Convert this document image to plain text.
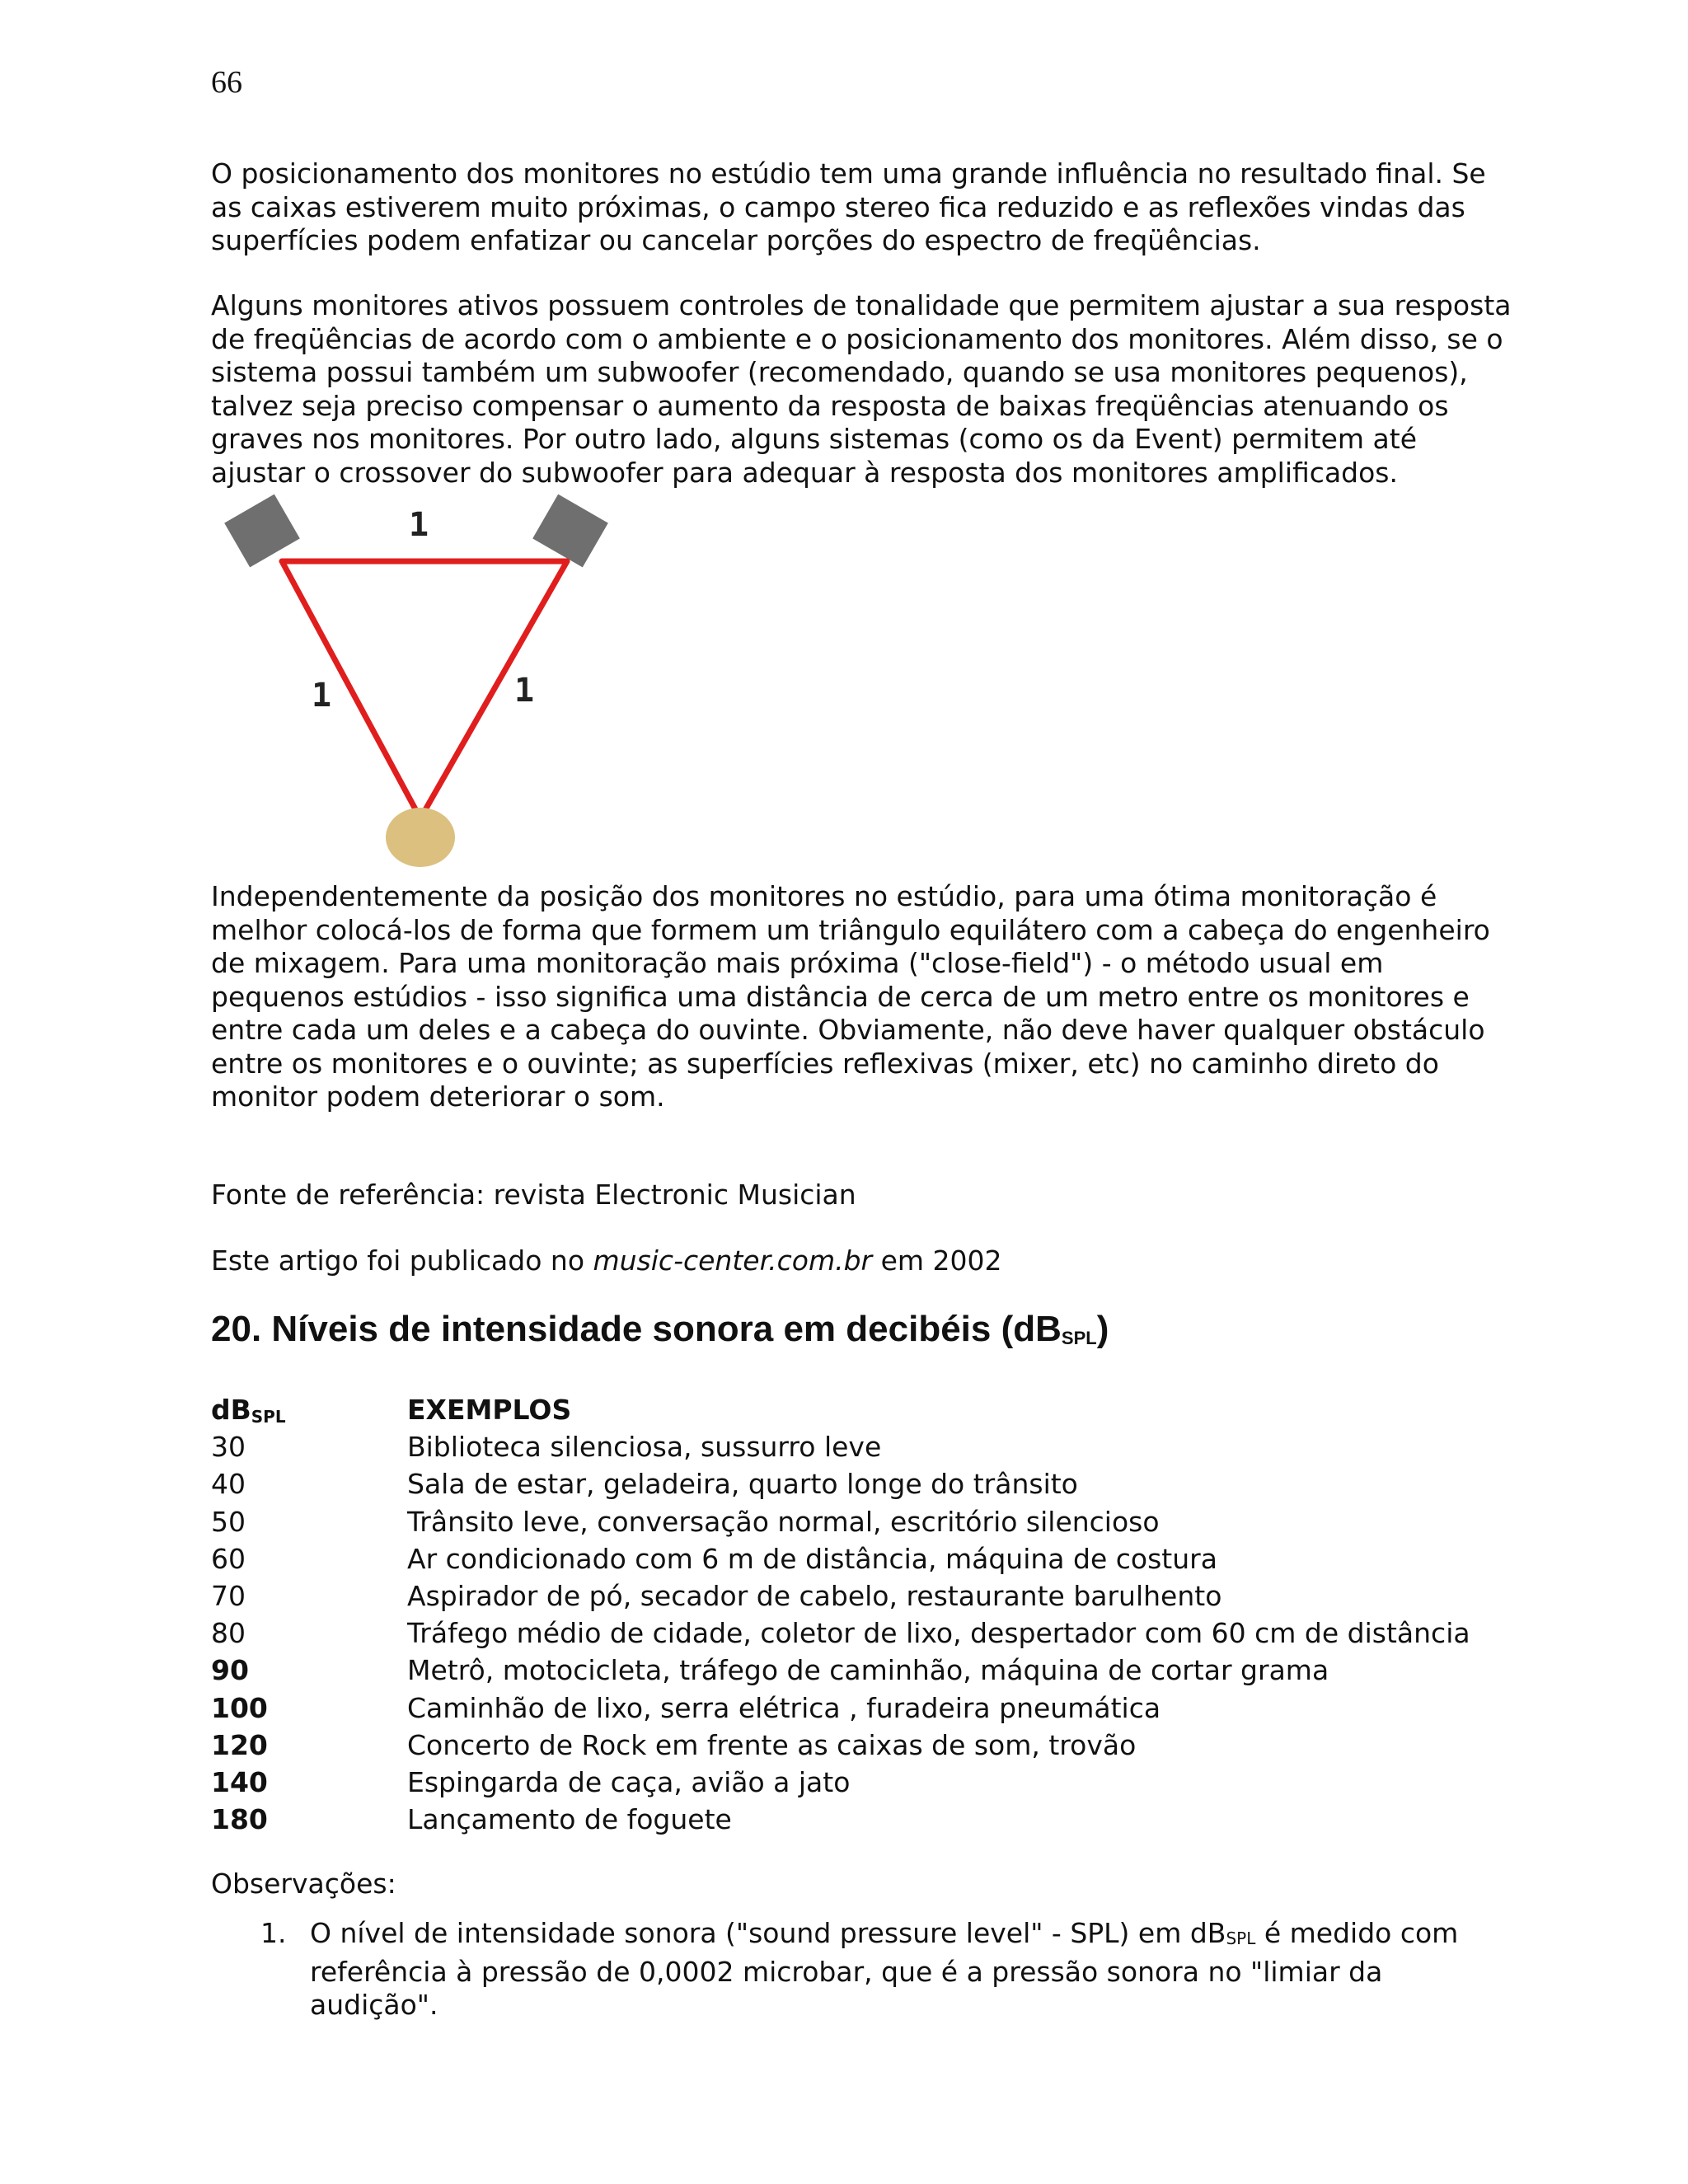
66

O posicionamento dos monitores no estúdio tem uma grande influência no resultado final. Se
as caixas estiverem muito próximas, o campo stereo fica reduzido e as reflexões vindas das
superfícies podem enfatizar ou cancelar porções do espectro de freqüências.

Alguns monitores ativos possuem controles de tonalidade que permitem ajustar a sua resposta
de freqüências de acordo com o ambiente e o posicionamento dos monitores. Além disso, se o
sistema possui também um subwoofer (recomendado, quando se usa monitores pequenos),
talvez seja preciso compensar o aumento da resposta de baixas freqüências atenuando os
graves nos monitores. Por outro lado, alguns sistemas (como os da Event) permitem até
ajustar o crossover do subwoofer para adequar à resposta dos monitores amplificados.

1
1	1

Independentemente da posição dos monitores no estúdio, para uma ótima monitoração é
melhor colocá-los de forma que formem um triângulo equilátero com a cabeça do engenheiro
de mixagem. Para uma monitoração mais próxima ("close-field") - o método usual em
pequenos estúdios - isso significa uma distância de cerca de um metro entre os monitores e
entre cada um deles e a cabeça do ouvinte. Obviamente, não deve haver qualquer obstáculo
entre os monitores e o ouvinte; as superfícies reflexivas (mixer, etc) no caminho direto do
monitor podem deteriorar o som.

Fonte de referência: revista Electronic Musician

Este artigo foi publicado no music-center.com.br em 2002

20. Níveis de intensidade sonora em decibéis $(dB_{SPL})$
$dB_{SPL}$	EXEMPLOS
30	Biblioteca silenciosa, sussurro leve
40	Sala de estar, geladeira, quarto longe do trânsito
50	Trânsito leve, conversação normal, escritório silencioso
60	Ar condicionado com 6 m de distância, máquina de costura
70	Aspirador de pó, secador de cabelo, restaurante barulhento
80	Tráfego médio de cidade, coletor de lixo, despertador com 60 cm de distância
90	Metrô, motocicleta, tráfego de caminhão, máquina de cortar grama
100	Caminhão de lixo, serra elétrica , furadeira pneumática
120	Concerto de Rock em frente as caixas de som, trovão
140	Espingarda de caça, avião a jato
180	Lançamento de foguete
Observações:
1. O nível de intensidade sonora ("sound pressure level" - SPL) em $dB_{SPL}$ é medido com
referência à pressão de 0,0002 microbar, que é a pressão sonora no "limiar da
audição".
